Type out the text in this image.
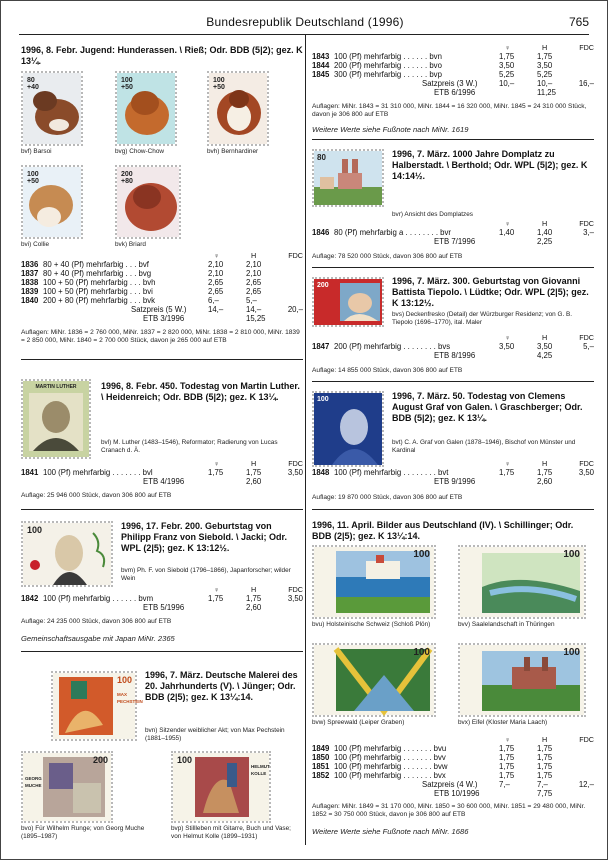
Bundesrepublik Deutschland (1996)	765
1996, 8. Febr. Jugend: Hunderassen. \ Rieß; Odr. BDB (5|2); gez. K 13¼.
80
+40
100
+50
100
+50
bvf) Barsoi	bvg) Chow-Chow	bvh) Bernhardiner
100
+50
200
+80
bvi) Collie	bvk) Briard
♀	H	FDC
1836 80 + 40 (Pf) mehrfarbig . . . bvf	2,10	2,10
1837 80 + 40 (Pf) mehrfarbig . . . bvg	2,10	2,10
1838 100 + 50 (Pf) mehrfarbig . . . bvh	2,65	2,65
1839 100 + 50 (Pf) mehrfarbig . . . bvi	2,65	2,65
1840 200 + 80 (Pf) mehrfarbig . . . bvk	6,–	5,–
Satzpreis (5 W.)	14,–	14,–	20,–
ETB 3/1996	15,25
Auflagen: MiNr. 1836 = 2 760 000, MiNr. 1837 = 2 820 000, MiNr. 1838 = 2 810 000, MiNr. 1839 = 2 850 000, MiNr. 1840 = 2 700 000 Stück, davon je 265 000 auf ETB
MARTIN LUTHER	1996, 8. Febr. 450. Todestag von Martin Luther. \ Heidenreich; Odr. BDB (5|2); gez. K 13¼.
bvl) M. Luther (1483–1546), Reformator; Radierung von Lucas Cranach d. Ä.
♀	H	FDC
1841 100 (Pf) mehrfarbig . . . . . . . bvl	1,75	1,75	3,50
ETB 4/1996	2,60
Auflage: 25 946 000 Stück, davon 306 800 auf ETB
100	1996, 17. Febr. 200. Geburtstag von Philipp Franz von Siebold. \ Jacki; Odr. WPL (2|5); gez. K 13:12½.
bvm) Ph. F. von Siebold (1796–1866), Japanforscher; wilder Wein
♀	H	FDC
1842 100 (Pf) mehrfarbig . . . . . . bvm	1,75	1,75	3,50
ETB 5/1996	2,60
Auflage: 24 235 000 Stück, davon 306 800 auf ETB
Gemeinschaftsausgabe mit Japan MiNr. 2365
100
MAX PECHSTEIN
1996, 7. März. Deutsche Malerei des 20. Jahrhunderts (V). \ Jünger; Odr. BDB (2|5); gez. K 13¼:14.
bvn) Sitzender weiblicher Akt; von Max Pechstein (1881–1955)
200
GEORG MUCHE
HELMUT KOLLE
100
bvo) Für Wilhelm Runge; von Georg Muche (1895–1987)
bvp) Stillleben mit Gitarre, Buch und Vase; von Helmut Kolle (1899–1931)
♀	H	FDC
1843 100 (Pf) mehrfarbig . . . . . . bvn	1,75	1,75
1844 200 (Pf) mehrfarbig . . . . . . bvo	3,50	3,50
1845 300 (Pf) mehrfarbig . . . . . . bvp	5,25	5,25
Satzpreis (3 W.)	10,–	10,–	16,–
ETB 6/1996	11,25
Auflagen: MiNr. 1843 = 31 310 000, MiNr. 1844 = 16 320 000, MiNr. 1845 = 24 310 000 Stück, davon je 306 800 auf ETB
Weitere Werte siehe Fußnote nach MiNr. 1619
80	1996, 7. März. 1000 Jahre Domplatz zu Halberstadt. \ Berthold; Odr. WPL (5|2); gez. K 14:14½.
bvr) Ansicht des Domplatzes
♀	H	FDC
1846 80 (Pf) mehrfarbig a . . . . . . . . bvr	1,40	1,40	3,–
ETB 7/1996	2,25
Auflage: 78 520 000 Stück, davon 306 800 auf ETB
200	1996, 7. März. 300. Geburtstag von Giovanni Battista Tiepolo. \ Lüdtke; Odr. WPL (2|5); gez. K 13:12½.
bvs) Deckenfresko (Detail) der Würzburger Residenz; von G. B. Tiepolo (1696–1770), ital. Maler
♀	H	FDC
1847 200 (Pf) mehrfarbig . . . . . . . . bvs	3,50	3,50	5,–
ETB 8/1996	4,25
Auflage: 14 855 000 Stück, davon 306 800 auf ETB
100	1996, 7. März. 50. Todestag von Clemens August Graf von Galen. \ Graschberger; Odr. BDB (5|2); gez. K 13¼.
bvt) C. A. Graf von Galen (1878–1946), Bischof von Münster und Kardinal
♀	H	FDC
1848 100 (Pf) mehrfarbig . . . . . . . . bvt	1,75	1,75	3,50
ETB 9/1996	2,60
Auflage: 19 870 000 Stück, davon 306 800 auf ETB
1996, 11. April. Bilder aus Deutschland (IV). \ Schillinger; Odr. BDB (2|5); gez. K 13¼:14.
100	100
bvu) Holsteinische Schweiz (Schloß Plön)	bvv) Saalelandschaft in Thüringen
100	100
bvw) Spreewald (Leiper Graben)	bvx) Eifel (Kloster Maria Laach)
♀	H	FDC
1849 100 (Pf) mehrfarbig . . . . . . . bvu	1,75	1,75
1850 100 (Pf) mehrfarbig . . . . . . . bvv	1,75	1,75
1851 100 (Pf) mehrfarbig . . . . . . . bvw	1,75	1,75
1852 100 (Pf) mehrfarbig . . . . . . . bvx	1,75	1,75
Satzpreis (4 W.)	7,–	7,–	12,–
ETB 10/1996	7,75
Auflagen: MiNr. 1849 = 31 170 000, MiNr. 1850 = 30 600 000, MiNr. 1851 = 29 480 000, MiNr. 1852 = 30 750 000 Stück, davon je 306 800 auf ETB
Weitere Werte siehe Fußnote nach MiNr. 1686
